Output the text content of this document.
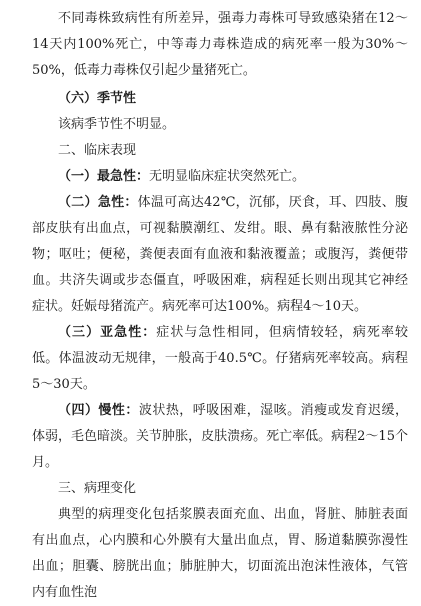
不同毒株致病性有所差异，强毒力毒株可导致感染猪在12～14天内100%死亡，中等毒力毒株造成的病死率一般为30%～50%，低毒力毒株仅引起少量猪死亡。

（六）季节性

该病季节性不明显。

二、临床表现

（一）最急性：无明显临床症状突然死亡。

（二）急性：体温可高达42℃，沉郁，厌食，耳、四肢、腹部皮肤有出血点，可视黏膜潮红、发绀。眼、鼻有黏液脓性分泌物；呕吐；便秘，粪便表面有血液和黏液覆盖；或腹泻，粪便带血。共济失调或步态僵直，呼吸困难，病程延长则出现其它神经症状。妊娠母猪流产。病死率可达100%。病程4～10天。

（三）亚急性：症状与急性相同，但病情较轻，病死率较低。体温波动无规律，一般高于40.5℃。仔猪病死率较高。病程5～30天。

（四）慢性：波状热，呼吸困难，湿咳。消瘦或发育迟缓，体弱，毛色暗淡。关节肿胀，皮肤溃疡。死亡率低。病程2～15个月。

三、病理变化

典型的病理变化包括浆膜表面充血、出血，肾脏、肺脏表面有出血点，心内膜和心外膜有大量出血点，胃、肠道黏膜弥漫性出血；胆囊、膀胱出血；肺脏肿大，切面流出泡沫性液体，气管内有血性泡
